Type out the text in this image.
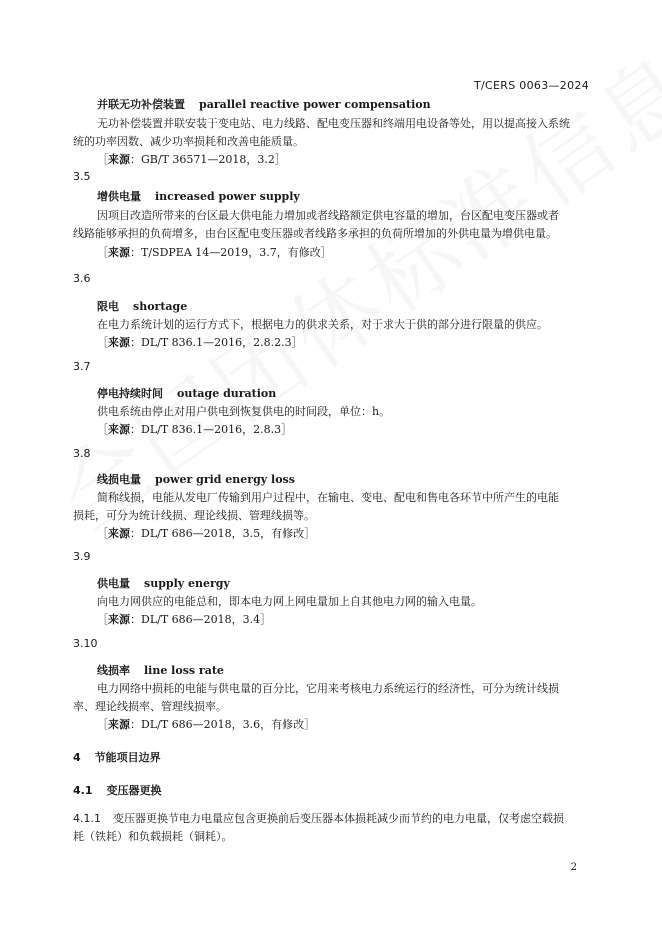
T/CERS 0063—2024
并联无功补偿装置 parallel reactive power compensation
无功补偿装置并联安装于变电站、电力线路、配电变压器和终端用电设备等处，用以提高接入系统
统的功率因数、减少功率损耗和改善电能质量。
［来源：GB/T 36571—2018，3.2］
3.5
增供电量 increased power supply
因项目改造所带来的台区最大供电能力增加或者线路额定供电容量的增加，台区配电变压器或者
线路能够承担的负荷增多，由台区配电变压器或者线路多承担的负荷所增加的外供电量为增供电量。
［来源：T/SDPEA 14—2019，3.7，有修改］
3.6
限电 shortage
在电力系统计划的运行方式下，根据电力的供求关系，对于求大于供的部分进行限量的供应。
［来源：DL/T 836.1—2016，2.8.2.3］
3.7
停电持续时间 outage duration
供电系统由停止对用户供电到恢复供电的时间段，单位：h。
［来源：DL/T 836.1—2016，2.8.3］
3.8
线损电量 power grid energy loss
简称线损，电能从发电厂传输到用户过程中，在输电、变电、配电和售电各环节中所产生的电能
损耗，可分为统计线损、理论线损、管理线损等。
［来源：DL/T 686—2018，3.5，有修改］
3.9
供电量 supply energy
向电力网供应的电能总和，即本电力网上网电量加上自其他电力网的输入电量。
［来源：DL/T 686—2018，3.4］
3.10
线损率 line loss rate
电力网络中损耗的电能与供电量的百分比，它用来考核电力系统运行的经济性，可分为统计线损
率、理论线损率、管理线损率。
［来源：DL/T 686—2018，3.6，有修改］
4 节能项目边界
4.1 变压器更换
4.1.1 变压器更换节电力电量应包含更换前后变压器本体损耗减少而节约的电力电量，仅考虑空载损
耗（铁耗）和负载损耗（铜耗）。
2
